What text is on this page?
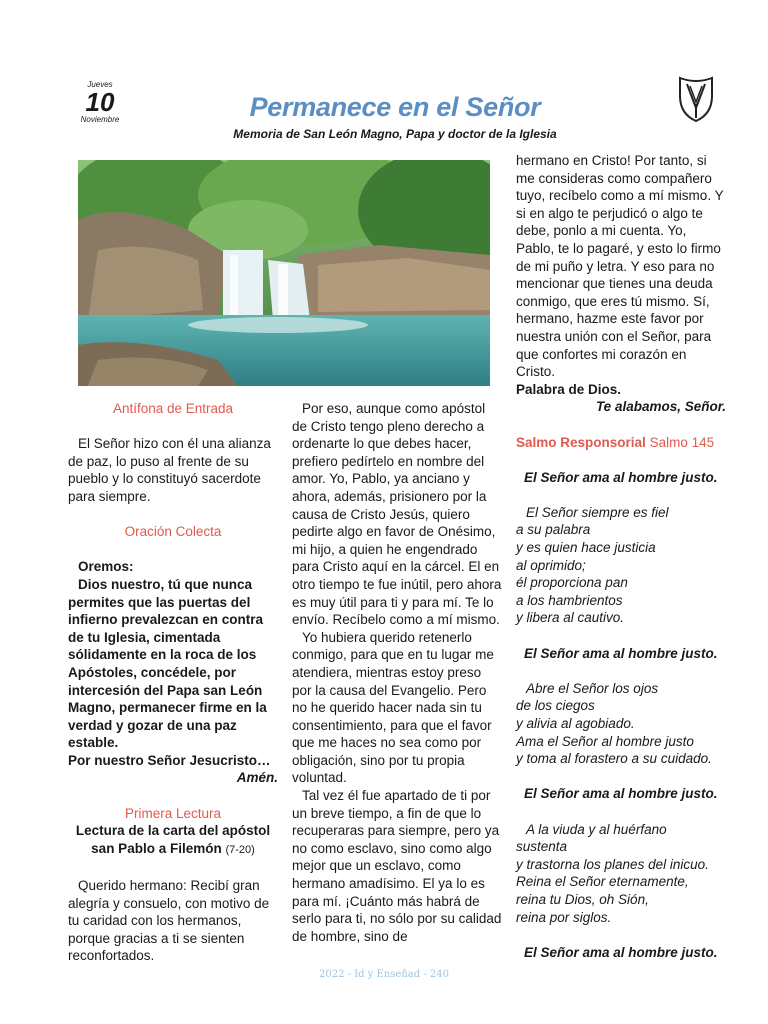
Jueves
10
Noviembre	Permanece en el Señor
Memoria de San León Magno, Papa y doctor de la Iglesia

Antífona de Entrada

El Señor hizo con él una alianza de paz, lo puso al frente de su pueblo y lo constituyó sacerdote para siempre.

Oración Colecta

Oremos:

Dios nuestro, tú que nunca permites que las puertas del infierno prevalezcan en contra de tu Iglesia, cimentada sólidamente en la roca de los Apóstoles, concédele, por intercesión del Papa san León Magno, permanecer firme en la verdad y gozar de una paz estable.

Por nuestro Señor Jesucristo…

Amén.

Primera Lectura

Lectura de la carta del apóstol san Pablo a Filemón (7-20)

Querido hermano: Recibí gran alegría y consuelo, con motivo de tu caridad con los hermanos, porque gracias a ti se sienten reconfortados.

Por eso, aunque como apóstol de Cristo tengo pleno derecho a ordenarte lo que debes hacer, prefiero pedírtelo en nombre del amor. Yo, Pablo, ya anciano y ahora, además, prisionero por la causa de Cristo Jesús, quiero pedirte algo en favor de Onésimo, mi hijo, a quien he engendrado para Cristo aquí en la cárcel. El en otro tiempo te fue inútil, pero ahora es muy útil para ti y para mí. Te lo envío. Recíbelo como a mí mismo.

Yo hubiera querido retenerlo conmigo, para que en tu lugar me atendiera, mientras estoy preso por la causa del Evangelio. Pero no he querido hacer nada sin tu consentimiento, para que el favor que me haces no sea como por obligación, sino por tu propia voluntad.

Tal vez él fue apartado de ti por un breve tiempo, a fin de que lo recuperaras para siempre, pero ya no como esclavo, sino como algo mejor que un esclavo, como hermano amadísimo. El ya lo es para mí. ¡Cuánto más habrá de serlo para ti, no sólo por su calidad de hombre, sino de

hermano en Cristo! Por tanto, si me consideras como compañero tuyo, recíbelo como a mí mismo. Y si en algo te perjudicó o algo te debe, ponlo a mi cuenta. Yo, Pablo, te lo pagaré, y esto lo firmo de mi puño y letra. Y eso para no mencionar que tienes una deuda conmigo, que eres tú mismo. Sí, hermano, hazme este favor por nuestra unión con el Señor, para que confortes mi corazón en Cristo.

Palabra de Dios.

Te alabamos, Señor.

Salmo Responsorial Salmo 145

El Señor ama al hombre justo.

El Señor siempre es fiel

a su palabra

y es quien hace justicia

al oprimido;

él proporciona pan

a los hambrientos

y libera al cautivo.

El Señor ama al hombre justo.

Abre el Señor los ojos

de los ciegos

y alivia al agobiado.

Ama el Señor al hombre justo

y toma al forastero a su cuidado.

El Señor ama al hombre justo.

A la viuda y al huérfano

sustenta

y trastorna los planes del inicuo.

Reina el Señor eternamente,

reina tu Dios, oh Sión,

reina por siglos.

El Señor ama al hombre justo.

2022 - Id y Enseñad - 240
